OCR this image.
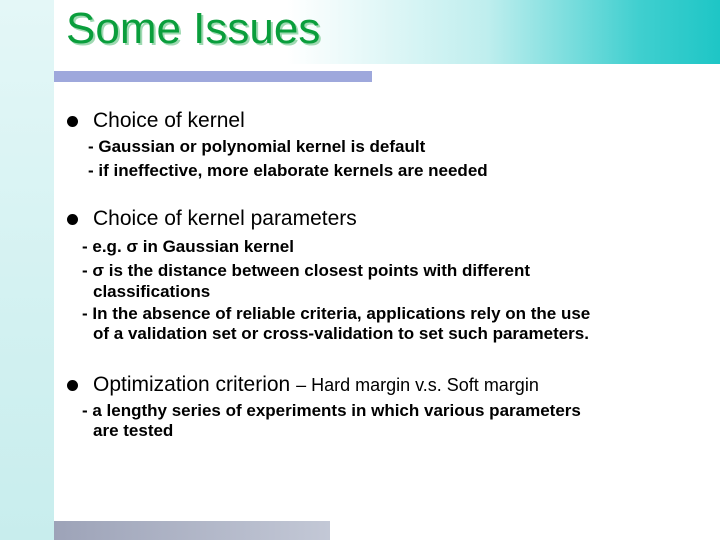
Some Issues
Choice of kernel

- Gaussian or polynomial kernel is default

- if ineffective, more elaborate kernels are needed

Choice of kernel parameters

- e.g. σ in Gaussian kernel

- σ is the distance between closest points with different

classifications

- In the absence of reliable criteria, applications rely on the use

of a validation set or cross-validation to set such parameters.

Optimization criterion – Hard margin v.s. Soft margin

- a lengthy series of experiments in which various parameters

are tested
